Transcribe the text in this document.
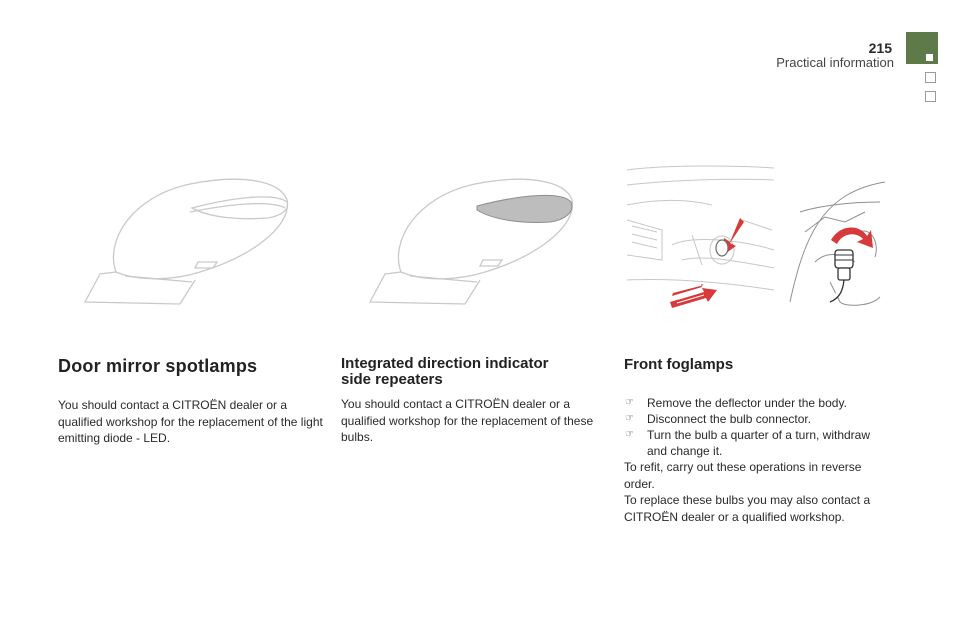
215
Practical information
Door mirror spotlamps

You should contact a CITROËN dealer or a qualified workshop for the replacement of the light emitting diode - LED.

Integrated direction indicator
side repeaters

You should contact a CITROËN dealer or a qualified workshop for the replacement of these bulbs.

Front foglamps
☞ Remove the deflector under the body.
☞ Disconnect the bulb connector.
☞ Turn the bulb a quarter of a turn, withdraw and change it.

To refit, carry out these operations in reverse order.

To replace these bulbs you may also contact a CITROËN dealer or a qualified workshop.
